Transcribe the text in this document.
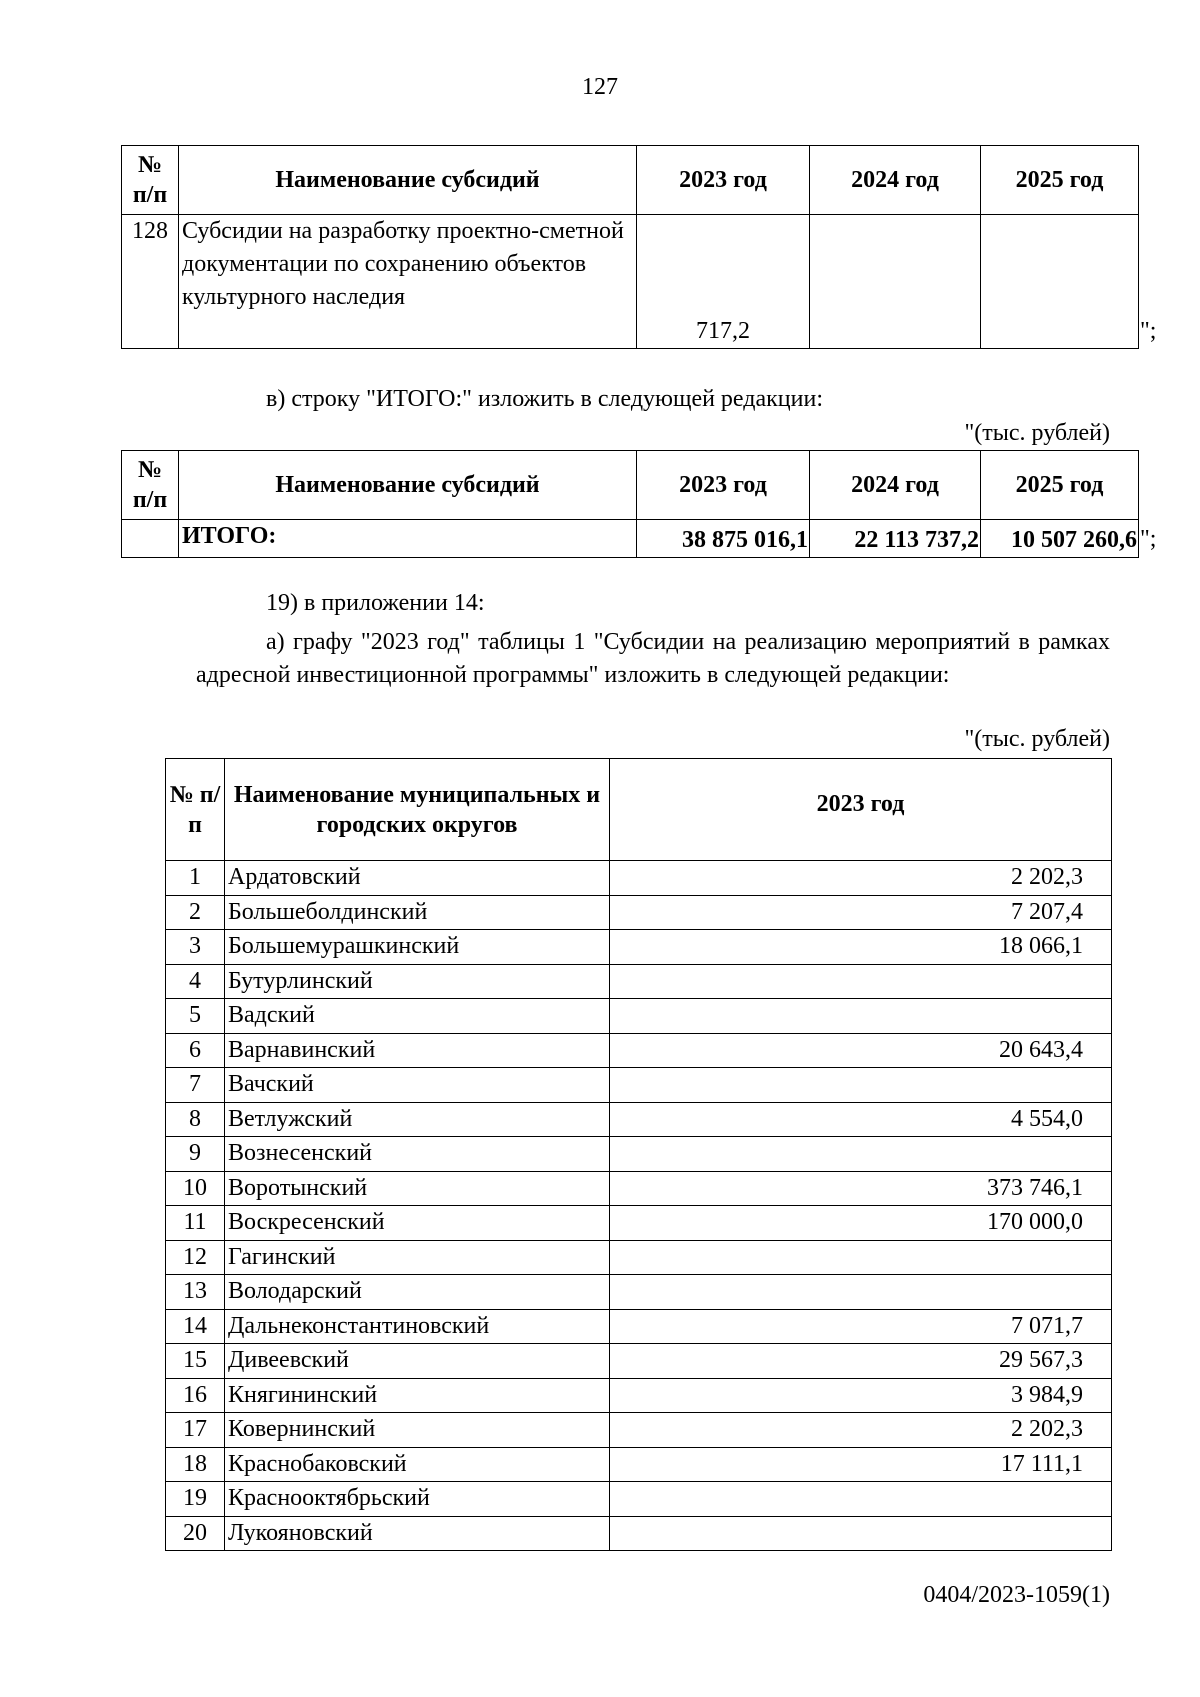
127
№ п/п	Наименование субсидий	2023 год	2024 год	2025 год
128	Субсидии на разработку проектно-сметной документации по сохранению объектов культурного наследия	717,2			";
в) строку "ИТОГО:" изложить в следующей редакции:
"(тыс. рублей)
№ п/п	Наименование субсидий	2023 год	2024 год	2025 год
	ИТОГО:	38 875 016,1	22 113 737,2	10 507 260,6 ";
19) в приложении 14:
а) графу "2023 год" таблицы 1 "Субсидии на реализацию мероприятий в рамках адресной инвестиционной программы" изложить в следующей редакции:
"(тыс. рублей)
№ п/п	Наименование муниципальных и городских округов	2023 год
1	Ардатовский	2 202,3
2	Большеболдинский	7 207,4
3	Большемурашкинский	18 066,1
4	Бутурлинский	
5	Вадский	
6	Варнавинский	20 643,4
7	Вачский	
8	Ветлужский	4 554,0
9	Вознесенский	
10	Воротынский	373 746,1
11	Воскресенский	170 000,0
12	Гагинский	
13	Володарский	
14	Дальнеконстантиновский	7 071,7
15	Дивеевский	29 567,3
16	Княгининский	3 984,9
17	Ковернинский	2 202,3
18	Краснобаковский	17 111,1
19	Краснооктябрьский	
20	Лукояновский	
0404/2023-1059(1)
